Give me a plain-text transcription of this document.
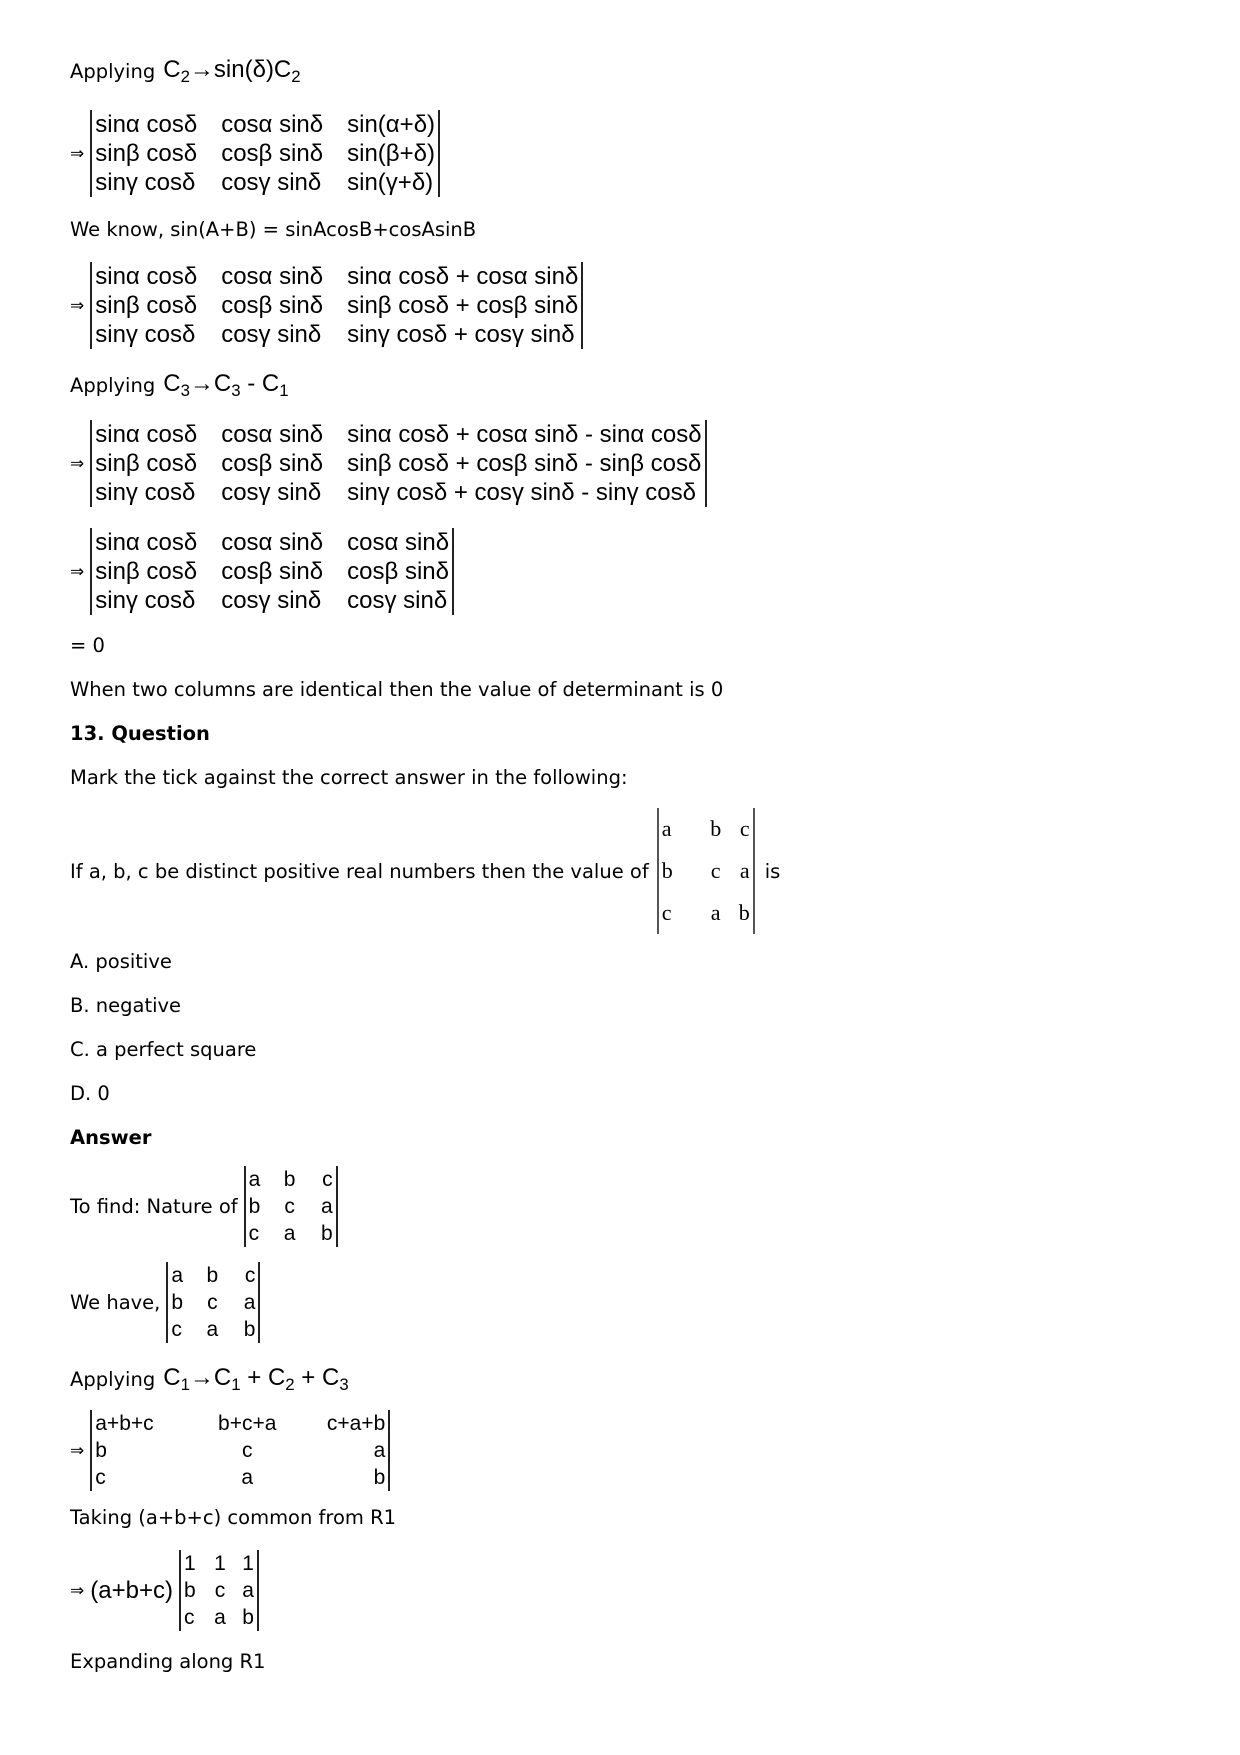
Applying $C_2\to\sin(\delta)C_2$
⇒
sinα cosδ	cosα sinδ	sin(α+δ)
sinβ cosδ	cosβ sinδ	sin(β+δ)
sinγ cosδ	cosγ sinδ	sin(γ+δ)
We know, sin(A+B) = sinAcosB+cosAsinB
⇒
sinα cosδ	cosα sinδ	sinα cosδ + cosα sinδ
sinβ cosδ	cosβ sinδ	sinβ cosδ + cosβ sinδ
sinγ cosδ	cosγ sinδ	sinγ cosδ + cosγ sinδ
Applying $C_3\to C_3 - C_1$
⇒
sinα cosδ	cosα sinδ	sinα cosδ + cosα sinδ - sinα cosδ
sinβ cosδ	cosβ sinδ	sinβ cosδ + cosβ sinδ - sinβ cosδ
sinγ cosδ	cosγ sinδ	sinγ cosδ + cosγ sinδ - sinγ cosδ
⇒
sinα cosδ	cosα sinδ	cosα sinδ
sinβ cosδ	cosβ sinδ	cosβ sinδ
sinγ cosδ	cosγ sinδ	cosγ sinδ
= 0
When two columns are identical then the value of determinant is 0
13. Question
Mark the tick against the correct answer in the following:
If a, b, c be distinct positive real numbers then the value of
a	b	c
b	c	a
c	a	b
is
A. positive
B. negative
C. a perfect square
D. 0
Answer
To find: Nature of
a	b	c
b	c	a
c	a	b
We have,
a	b	c
b	c	a
c	a	b
Applying $C_1\to C_1 + C_2 + C_3$
⇒
a+b+c	b+c+a	c+a+b
b	c	a
c	a	b
Taking (a+b+c) common from R1
⇒ (a+b+c)
1	1	1
b	c	a
c	a	b
Expanding along R1
